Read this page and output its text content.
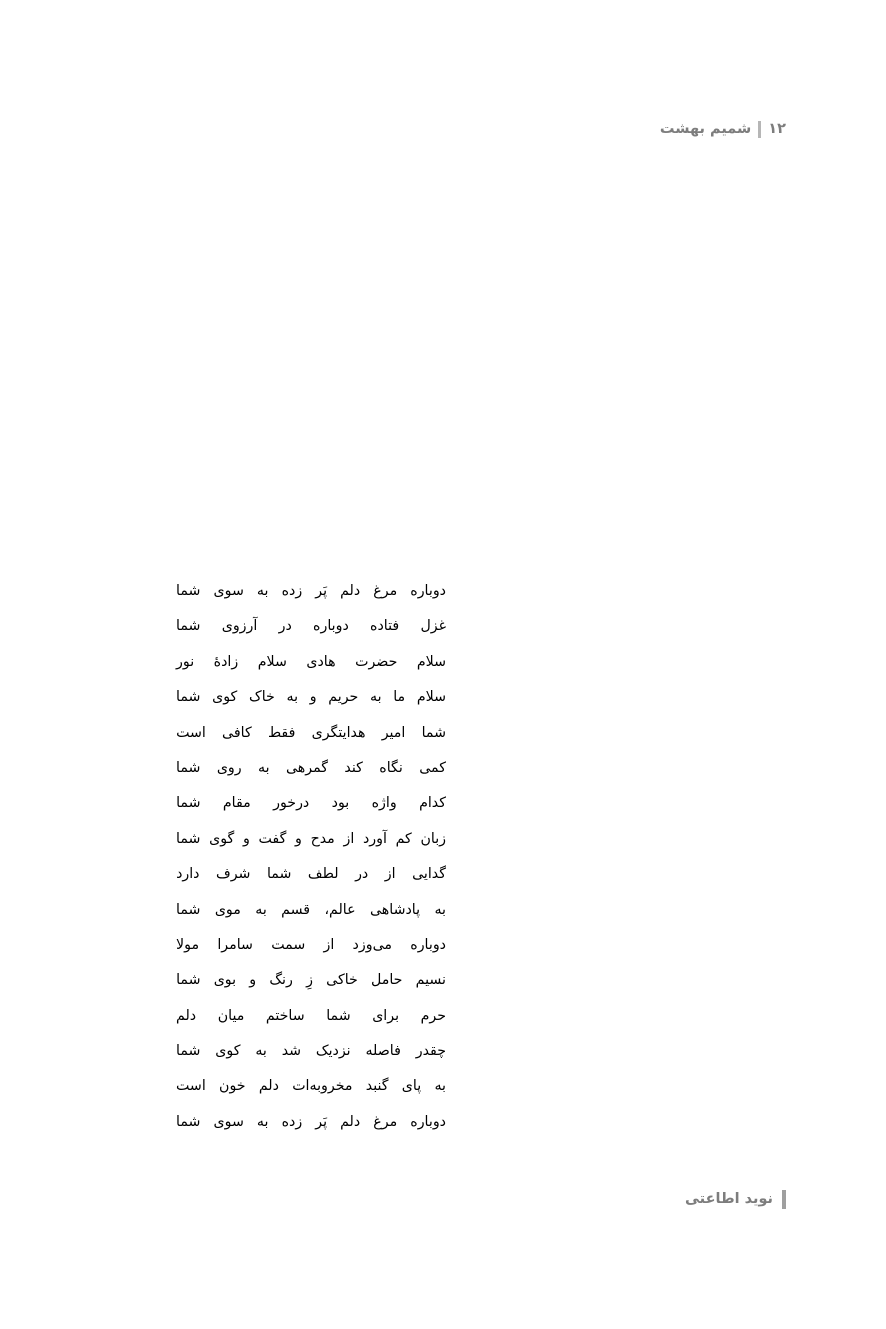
۱۲
شمیم بهشت
دوباره
مرغ
دلم
پَر
زده
به
سوی
شما
غزل
فتاده
دوباره
در
آرزوی
شما
سلام
حضرت
هادی
سلام
زادۀ
نور
سلام
ما
به
حریم
و
به
خاک
کوی
شما
شما
امیر
هدایتگری
فقط
کافی
است
کمی
نگاه
کند
گمرهی
به
روی
شما
کدام
واژه
بود
درخور
مقام
شما
زبان
کم
آورد
از
مدح
و
گفت
و
گوی
شما
گدایی
از
در
لطف
شما
شرف
دارد
به
پادشاهی
عالم،
قسم
به
موی
شما
دوباره
می‌وزد
از
سمت
سامرا
مولا
نسیم
حامل
خاکی
زِ
رنگ
و
بوی
شما
حرم
برای
شما
ساختم
میان
دلم
چقدر
فاصله
نزدیک
شد
به
کوی
شما
به
پای
گنبد
مخروبه‌ات
دلم
خون
است
دوباره
مرغ
دلم
پَر
زده
به
سوی
شما
نوید اطاعتی
